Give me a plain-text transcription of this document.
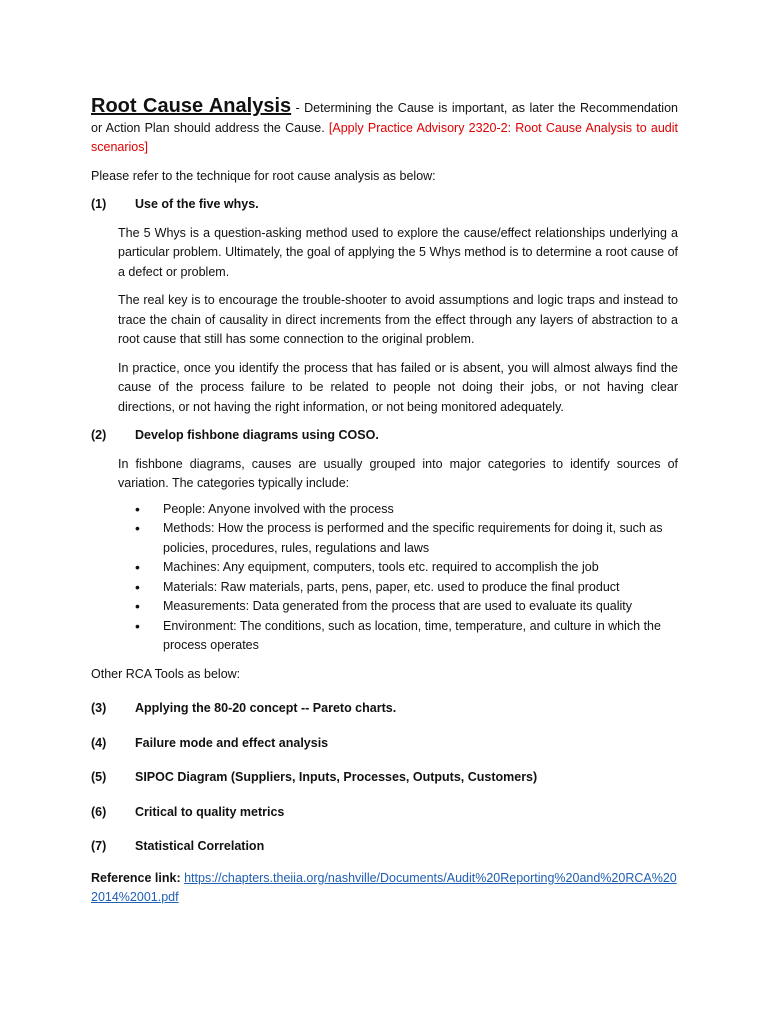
Root Cause Analysis - Determining the Cause is important, as later the Recommendation or Action Plan should address the Cause. [Apply Practice Advisory 2320-2: Root Cause Analysis to audit scenarios]

Please refer to the technique for root cause analysis as below:

(1)	Use of the five whys.

The 5 Whys is a question-asking method used to explore the cause/effect relationships underlying a particular problem. Ultimately, the goal of applying the 5 Whys method is to determine a root cause of a defect or problem.

The real key is to encourage the trouble-shooter to avoid assumptions and logic traps and instead to trace the chain of causality in direct increments from the effect through any layers of abstraction to a root cause that still has some connection to the original problem.

In practice, once you identify the process that has failed or is absent, you will almost always find the cause of the process failure to be related to people not doing their jobs, or not having clear directions, or not having the right information, or not being monitored adequately.

(2)	Develop fishbone diagrams using COSO.

In fishbone diagrams, causes are usually grouped into major categories to identify sources of variation. The categories typically include:

• People: Anyone involved with the process
• Methods: How the process is performed and the specific requirements for doing it, such as policies, procedures, rules, regulations and laws
• Machines: Any equipment, computers, tools etc. required to accomplish the job
• Materials: Raw materials, parts, pens, paper, etc. used to produce the final product
• Measurements: Data generated from the process that are used to evaluate its quality
• Environment: The conditions, such as location, time, temperature, and culture in which the process operates

Other RCA Tools as below:

(3)	Applying the 80-20 concept -- Pareto charts.
(4)	Failure mode and effect analysis
(5)	SIPOC Diagram (Suppliers, Inputs, Processes, Outputs, Customers)
(6)	Critical to quality metrics
(7)	Statistical Correlation

Reference link: https://chapters.theiia.org/nashville/Documents/Audit%20Reporting%20and%20RCA%202014%2001.pdf
